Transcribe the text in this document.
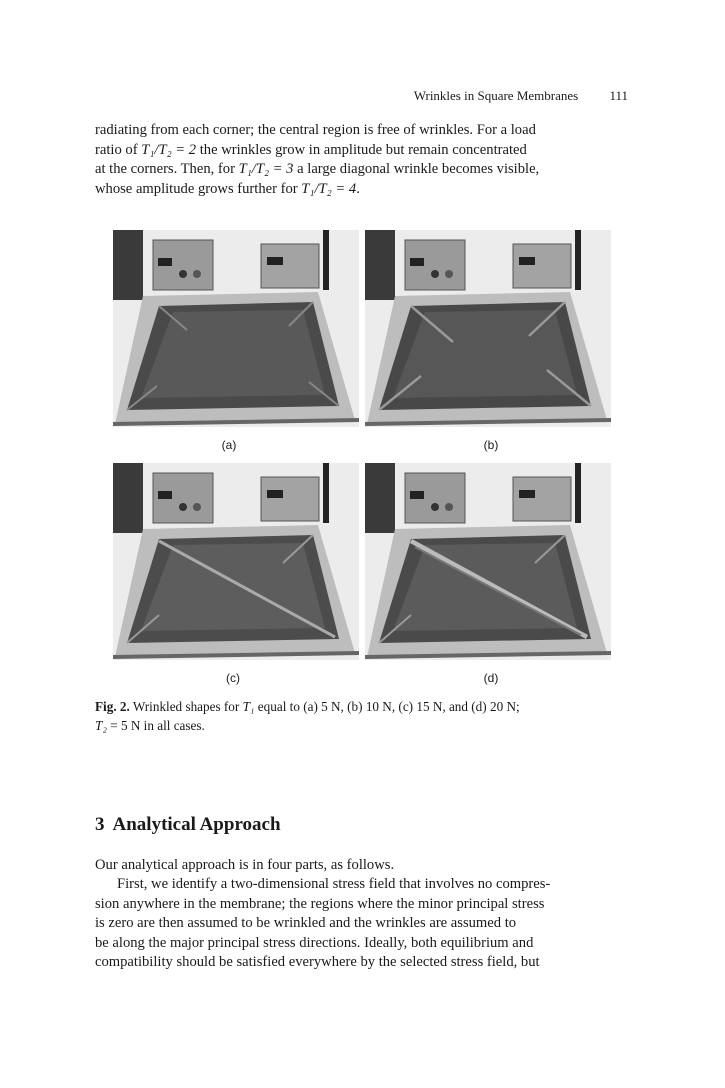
Wrinkles in Square Membranes 111
radiating from each corner; the central region is free of wrinkles. For a load
ratio of T₁/T₂ = 2 the wrinkles grow in amplitude but remain concentrated
at the corners. Then, for T₁/T₂ = 3 a large diagonal wrinkle becomes visible,
whose amplitude grows further for T₁/T₂ = 4.
(a)	(b)
(c)	(d)
Fig. 2. Wrinkled shapes for T₁ equal to (a) 5 N, (b) 10 N, (c) 15 N, and (d) 20 N;
T₂ = 5 N in all cases.
3 Analytical Approach
Our analytical approach is in four parts, as follows.
First, we identify a two-dimensional stress field that involves no compres-
sion anywhere in the membrane; the regions where the minor principal stress
is zero are then assumed to be wrinkled and the wrinkles are assumed to
be along the major principal stress directions. Ideally, both equilibrium and
compatibility should be satisfied everywhere by the selected stress field, but
